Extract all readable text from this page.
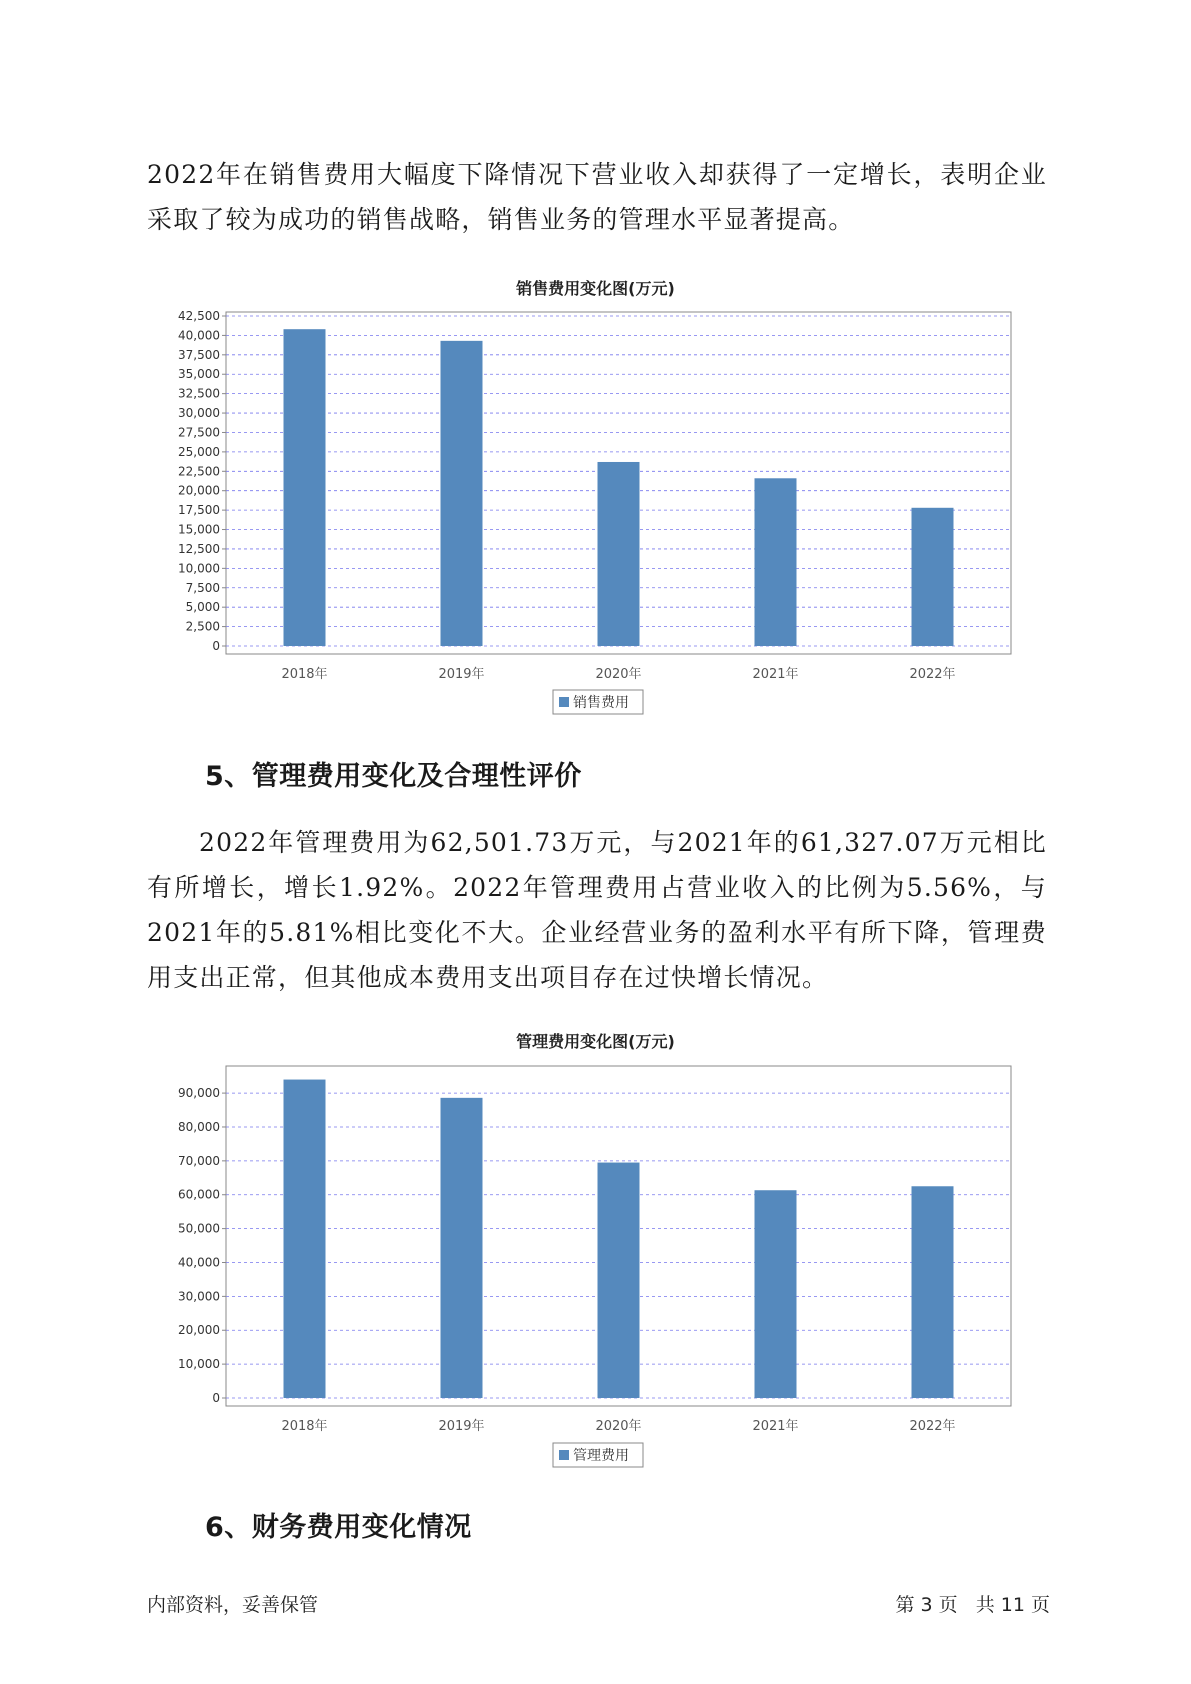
2022年在销售费用大幅度下降情况下营业收入却获得了一定增长，表明企业采取了较为成功的销售战略，销售业务的管理水平显著提高。

销售费用变化图(万元)

0
2,500
5,000
7,500
10,000
12,500
15,000
17,500
20,000
22,500
25,000
27,500
30,000
32,500
35,000
37,500
40,000
42,500
2018年	2019年	2020年	2021年	2022年
销售费用
5、管理费用变化及合理性评价

2022年管理费用为62,501.73万元，与2021年的61,327.07万元相比有所增长，增长1.92%。2022年管理费用占营业收入的比例为5.56%，与2021年的5.81%相比变化不大。企业经营业务的盈利水平有所下降，管理费用支出正常，但其他成本费用支出项目存在过快增长情况。

管理费用变化图(万元)

0
10,000
20,000
30,000
40,000
50,000
60,000
70,000
80,000
90,000
2018年	2019年	2020年	2021年	2022年
管理费用
6、财务费用变化情况
内部资料，妥善保管	第 3 页   共 11 页
